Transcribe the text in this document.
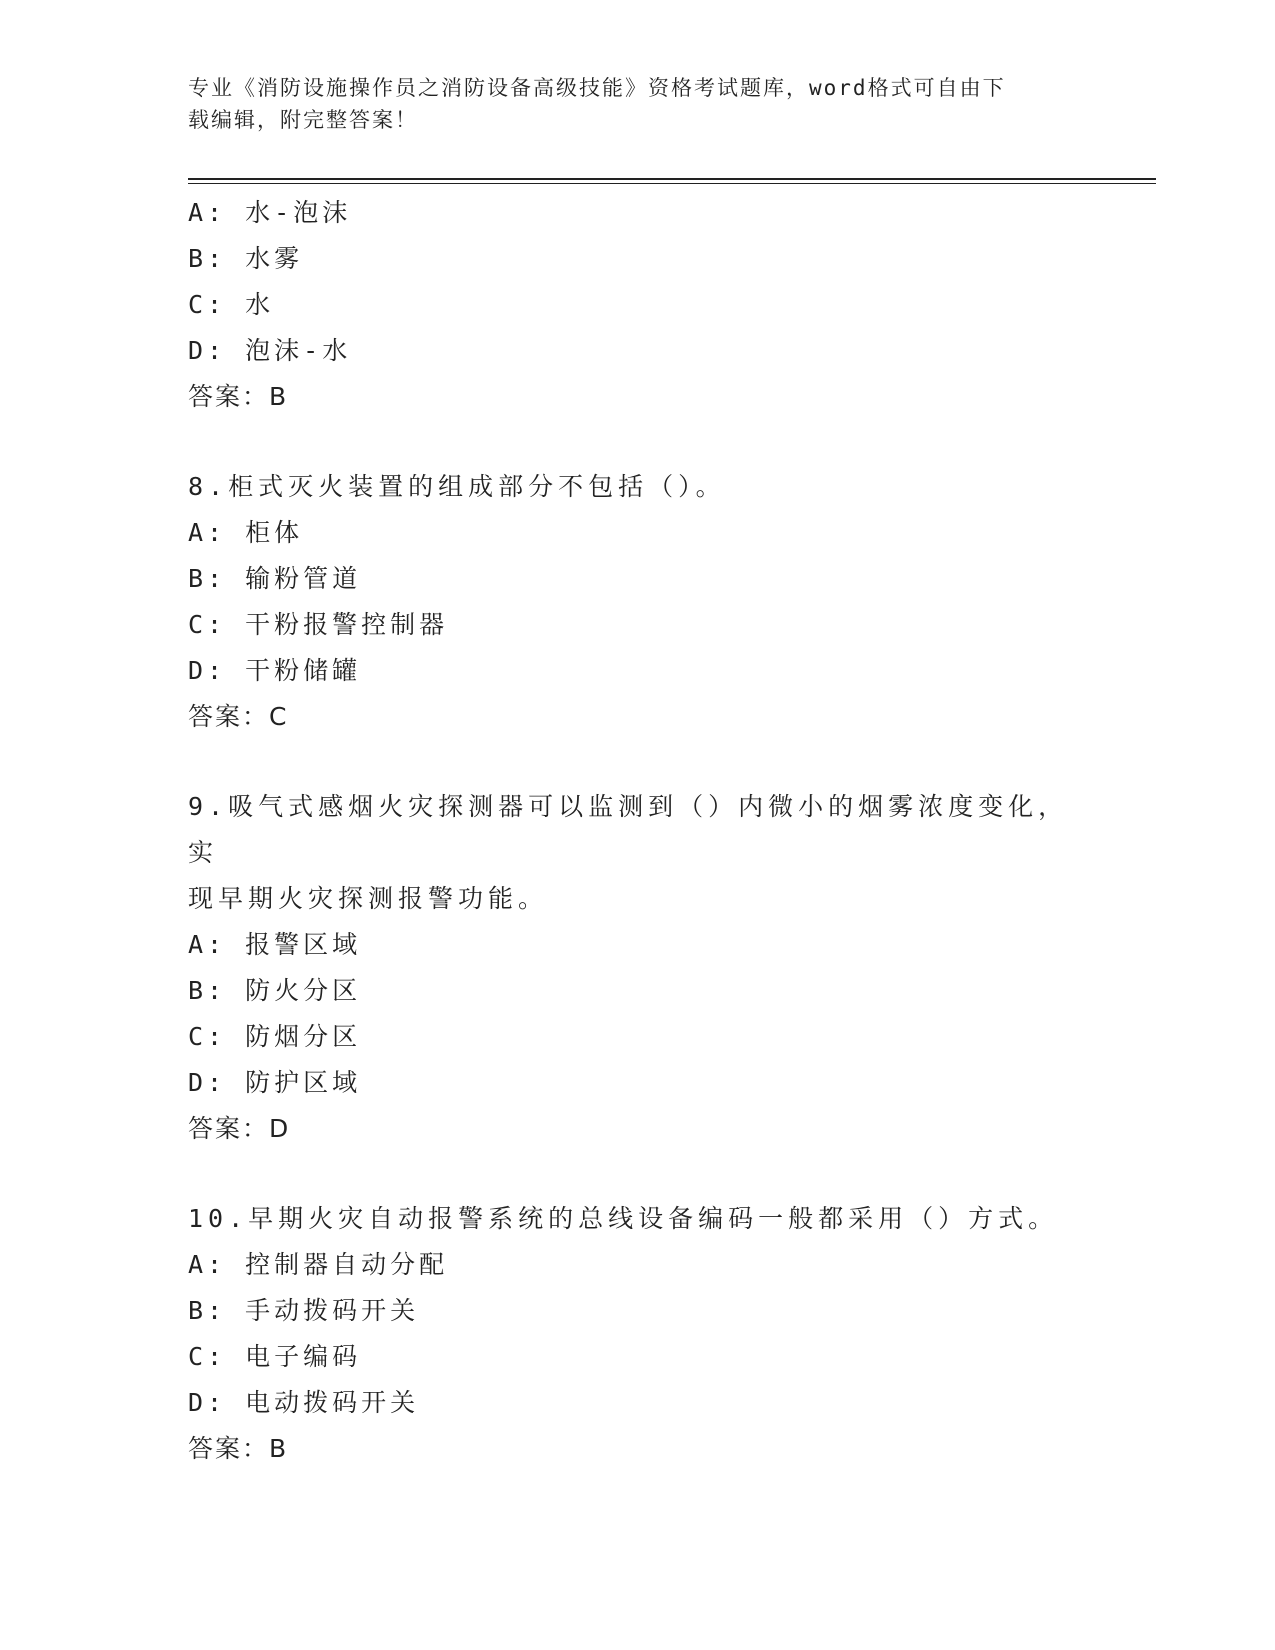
专业《消防设施操作员之消防设备高级技能》资格考试题库，word格式可自由下
载编辑，附完整答案！
A: 水-泡沫
B: 水雾
C: 水
D: 泡沫-水
答案：B
8.柜式灭火装置的组成部分不包括（）。
A: 柜体
B: 输粉管道
C: 干粉报警控制器
D: 干粉储罐
答案：C
9.吸气式感烟火灾探测器可以监测到（）内微小的烟雾浓度变化，实
现早期火灾探测报警功能。
A: 报警区域
B: 防火分区
C: 防烟分区
D: 防护区域
答案：D
10.早期火灾自动报警系统的总线设备编码一般都采用（）方式。
A: 控制器自动分配
B: 手动拨码开关
C: 电子编码
D: 电动拨码开关
答案：B
